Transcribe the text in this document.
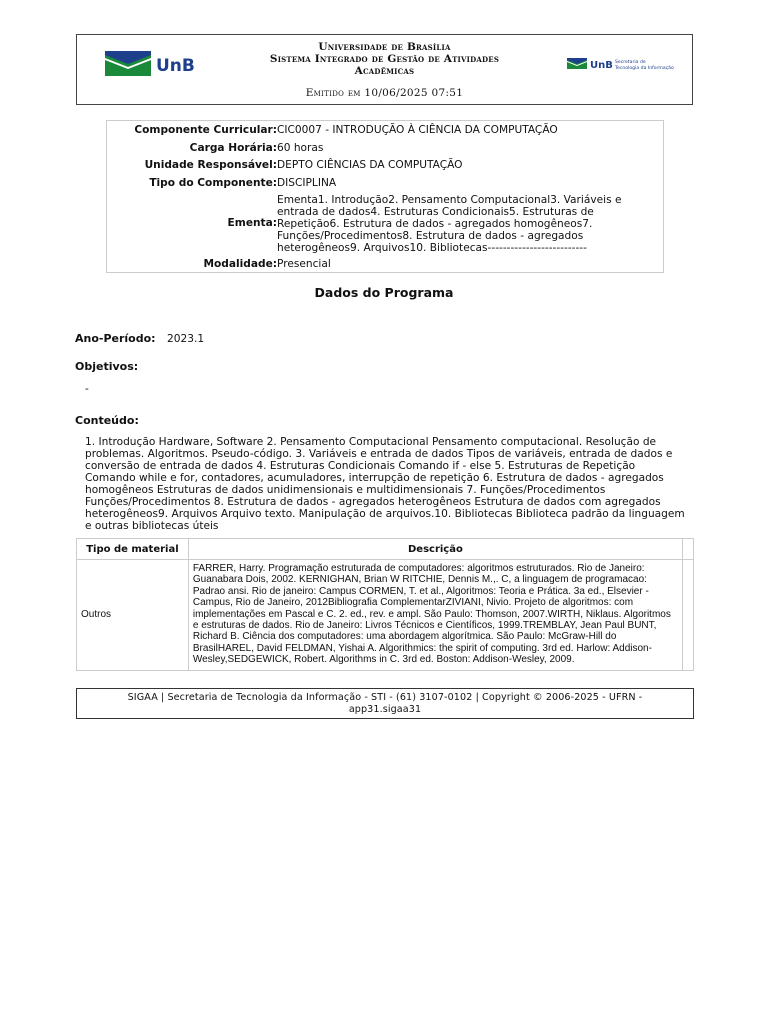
UnB
Universidade de Brasília
Sistema Integrado de Gestão de Atividades
Acadêmicas
Emitido em 10/06/2025 07:51
UnB Secretaria de
Tecnologia da Informação
Componente Curricular: CIC0007 - INTRODUÇÃO À CIÊNCIA DA COMPUTAÇÃO
Carga Horária: 60 horas
Unidade Responsável: DEPTO CIÊNCIAS DA COMPUTAÇÃO
Tipo do Componente: DISCIPLINA
Ementa:
Ementa1. Introdução2. Pensamento Computacional3. Variáveis e entrada de dados4. Estruturas Condicionais5. Estruturas de Repetição6. Estrutura de dados - agregados homogêneos7. Funções/Procedimentos8. Estrutura de dados - agregados heterogêneos9. Arquivos10. Bibliotecas--------------------------
Modalidade: Presencial
Dados do Programa
Ano-Período: 2023.1
Objetivos:
-
Conteúdo:
1. Introdução Hardware, Software 2. Pensamento Computacional Pensamento computacional. Resolução de problemas. Algoritmos. Pseudo-código. 3. Variáveis e entrada de dados Tipos de variáveis, entrada de dados e conversão de entrada de dados 4. Estruturas Condicionais Comando if - else 5. Estruturas de Repetição Comando while e for, contadores, acumuladores, interrupção de repetição 6. Estrutura de dados - agregados homogêneos Estruturas de dados unidimensionais e multidimensionais 7. Funções/Procedimentos Funções/Procedimentos 8. Estrutura de dados - agregados heterogêneos Estrutura de dados com agregados heterogêneos9. Arquivos Arquivo texto. Manipulação de arquivos.10. Bibliotecas Biblioteca padrão da linguagem e outras bibliotecas úteis
Tipo de material	Descrição	
Outros	FARRER, Harry. Programação estruturada de computadores: algoritmos estruturados. Rio de Janeiro: Guanabara Dois, 2002. KERNIGHAN, Brian W RITCHIE, Dennis M.,. C, a linguagem de programacao: Padrao ansi. Rio de janeiro: Campus CORMEN, T. et al., Algoritmos: Teoria e Prática. 3a ed., Elsevier - Campus, Rio de Janeiro, 2012Bibliografia ComplementarZIVIANI, Nivio. Projeto de algoritmos: com implementações em Pascal e C. 2. ed., rev. e ampl. São Paulo: Thomson, 2007.WIRTH, Niklaus. Algoritmos e estruturas de dados. Rio de Janeiro: Livros Técnicos e Científicos, 1999.TREMBLAY, Jean Paul BUNT, Richard B. Ciência dos computadores: uma abordagem algorítmica. São Paulo: McGraw-Hill do BrasilHAREL, David FELDMAN, Yishai A. Algorithmics: the spirit of computing. 3rd ed. Harlow: Addison-Wesley,SEDGEWICK, Robert. Algorithms in C. 3rd ed. Boston: Addison-Wesley, 2009.	
SIGAA | Secretaria de Tecnologia da Informação - STI - (61) 3107-0102 | Copyright © 2006-2025 - UFRN -
app31.sigaa31
